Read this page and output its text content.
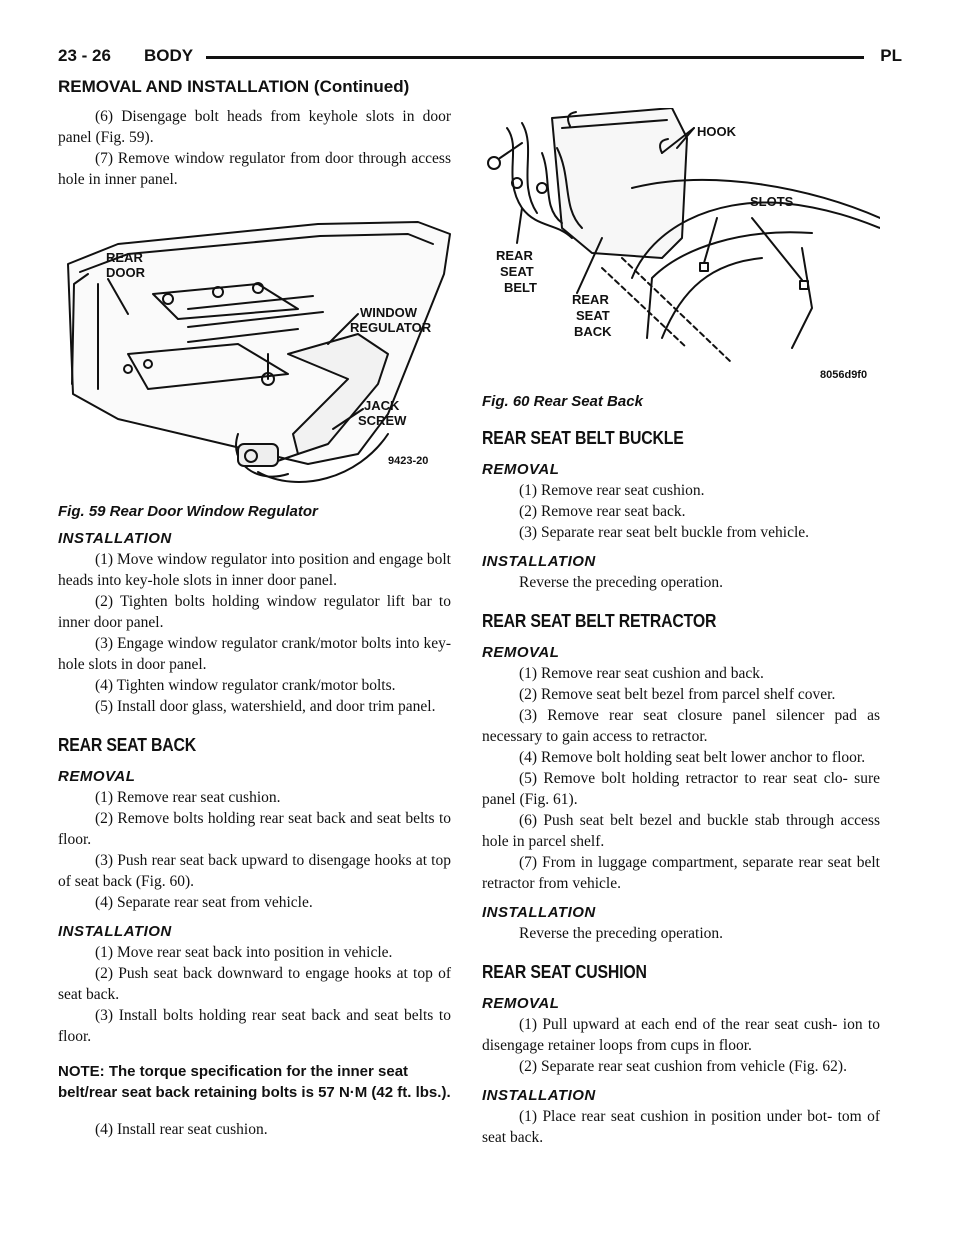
23 - 26 BODY	PL
REMOVAL AND INSTALLATION (Continued)

(6) Disengage bolt heads from keyhole slots in door panel (Fig. 59).

(7) Remove window regulator from door through access hole in inner panel.

REAR
DOOR
WINDOW
REGULATOR
JACK
SCREW
9423-20
Fig. 59 Rear Door Window Regulator
INSTALLATION

(1) Move window regulator into position and engage bolt heads into key-hole slots in inner door panel.

(2) Tighten bolts holding window regulator lift bar to inner door panel.

(3) Engage window regulator crank/motor bolts into key-hole slots in door panel.

(4) Tighten window regulator crank/motor bolts.

(5) Install door glass, watershield, and door trim panel.

REAR SEAT BACK
REMOVAL

(1) Remove rear seat cushion.

(2) Remove bolts holding rear seat back and seat belts to floor.

(3) Push rear seat back upward to disengage hooks at top of seat back (Fig. 60).

(4) Separate rear seat from vehicle.

INSTALLATION

(1) Move rear seat back into position in vehicle.

(2) Push seat back downward to engage hooks at top of seat back.

(3) Install bolts holding rear seat back and seat belts to floor.

NOTE: The torque specification for the inner seat belt/rear seat back retaining bolts is 57 N·M (42 ft. lbs.).

(4) Install rear seat cushion.

HOOK
SLOTS
REAR
SEAT
BELT
REAR
SEAT
BACK
8056d9f0
Fig. 60 Rear Seat Back
REAR SEAT BELT BUCKLE
REMOVAL

(1) Remove rear seat cushion.

(2) Remove rear seat back.

(3) Separate rear seat belt buckle from vehicle.

INSTALLATION

Reverse the preceding operation.

REAR SEAT BELT RETRACTOR
REMOVAL

(1) Remove rear seat cushion and back.

(2) Remove seat belt bezel from parcel shelf cover.

(3) Remove rear seat closure panel silencer pad as necessary to gain access to retractor.

(4) Remove bolt holding seat belt lower anchor to floor.

(5) Remove bolt holding retractor to rear seat clo- sure panel (Fig. 61).

(6) Push seat belt bezel and buckle stab through access hole in parcel shelf.

(7) From in luggage compartment, separate rear seat belt retractor from vehicle.

INSTALLATION

Reverse the preceding operation.

REAR SEAT CUSHION
REMOVAL

(1) Pull upward at each end of the rear seat cush- ion to disengage retainer loops from cups in floor.

(2) Separate rear seat cushion from vehicle (Fig. 62).

INSTALLATION

(1) Place rear seat cushion in position under bot- tom of seat back.
